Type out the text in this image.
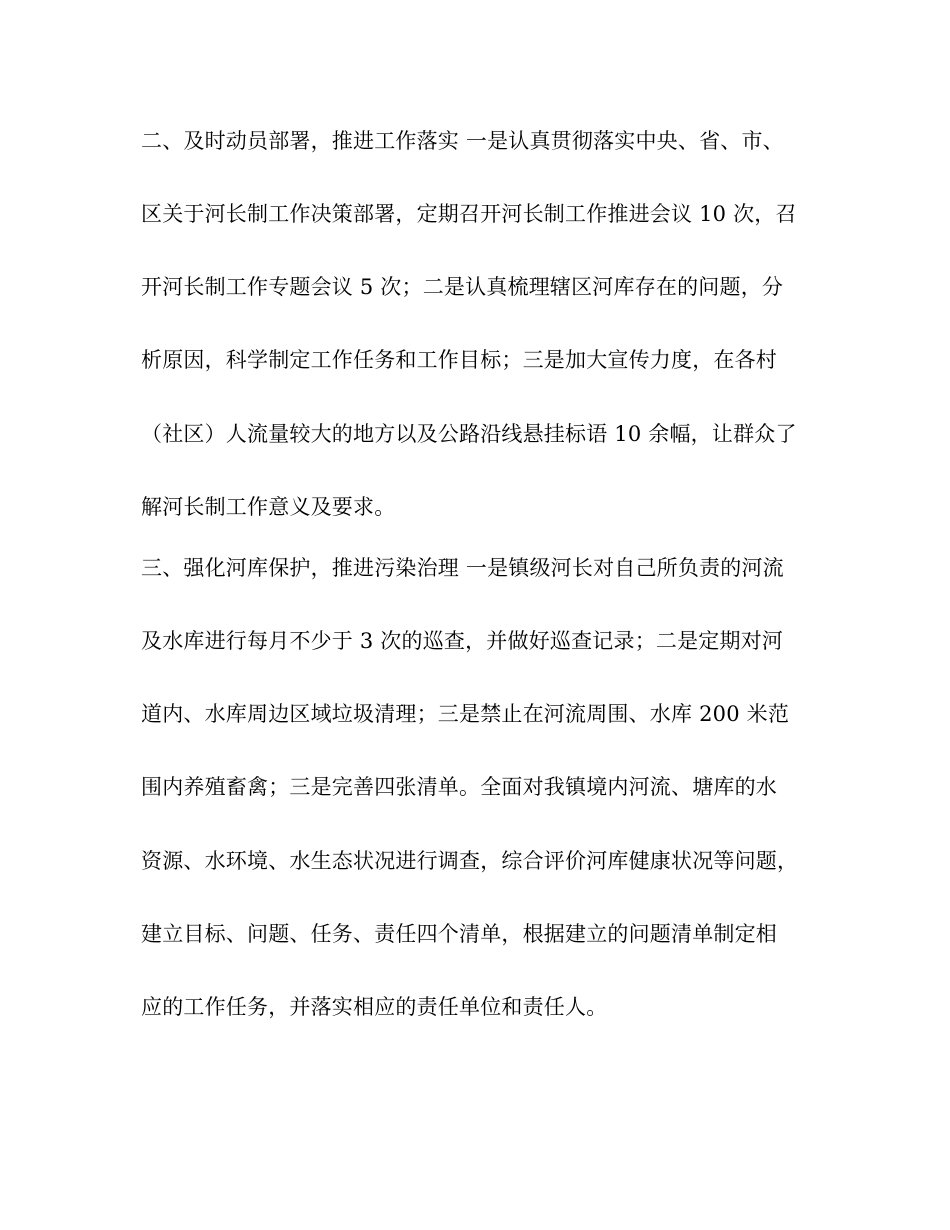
二、及时动员部署，推进工作落实 一是认真贯彻落实中央、省、市、
区关于河长制工作决策部署，定期召开河长制工作推进会议 10 次，召
开河长制工作专题会议 5 次；二是认真梳理辖区河库存在的问题，分
析原因，科学制定工作任务和工作目标；三是加大宣传力度，在各村
（社区）人流量较大的地方以及公路沿线悬挂标语 10 余幅，让群众了
解河长制工作意义及要求。
三、强化河库保护，推进污染治理 一是镇级河长对自己所负责的河流
及水库进行每月不少于 3 次的巡查，并做好巡查记录；二是定期对河
道内、水库周边区域垃圾清理；三是禁止在河流周围、水库 200 米范
围内养殖畜禽；三是完善四张清单。全面对我镇境内河流、塘库的水
资源、水环境、水生态状况进行调查，综合评价河库健康状况等问题，
建立目标、问题、任务、责任四个清单，根据建立的问题清单制定相
应的工作任务，并落实相应的责任单位和责任人。
